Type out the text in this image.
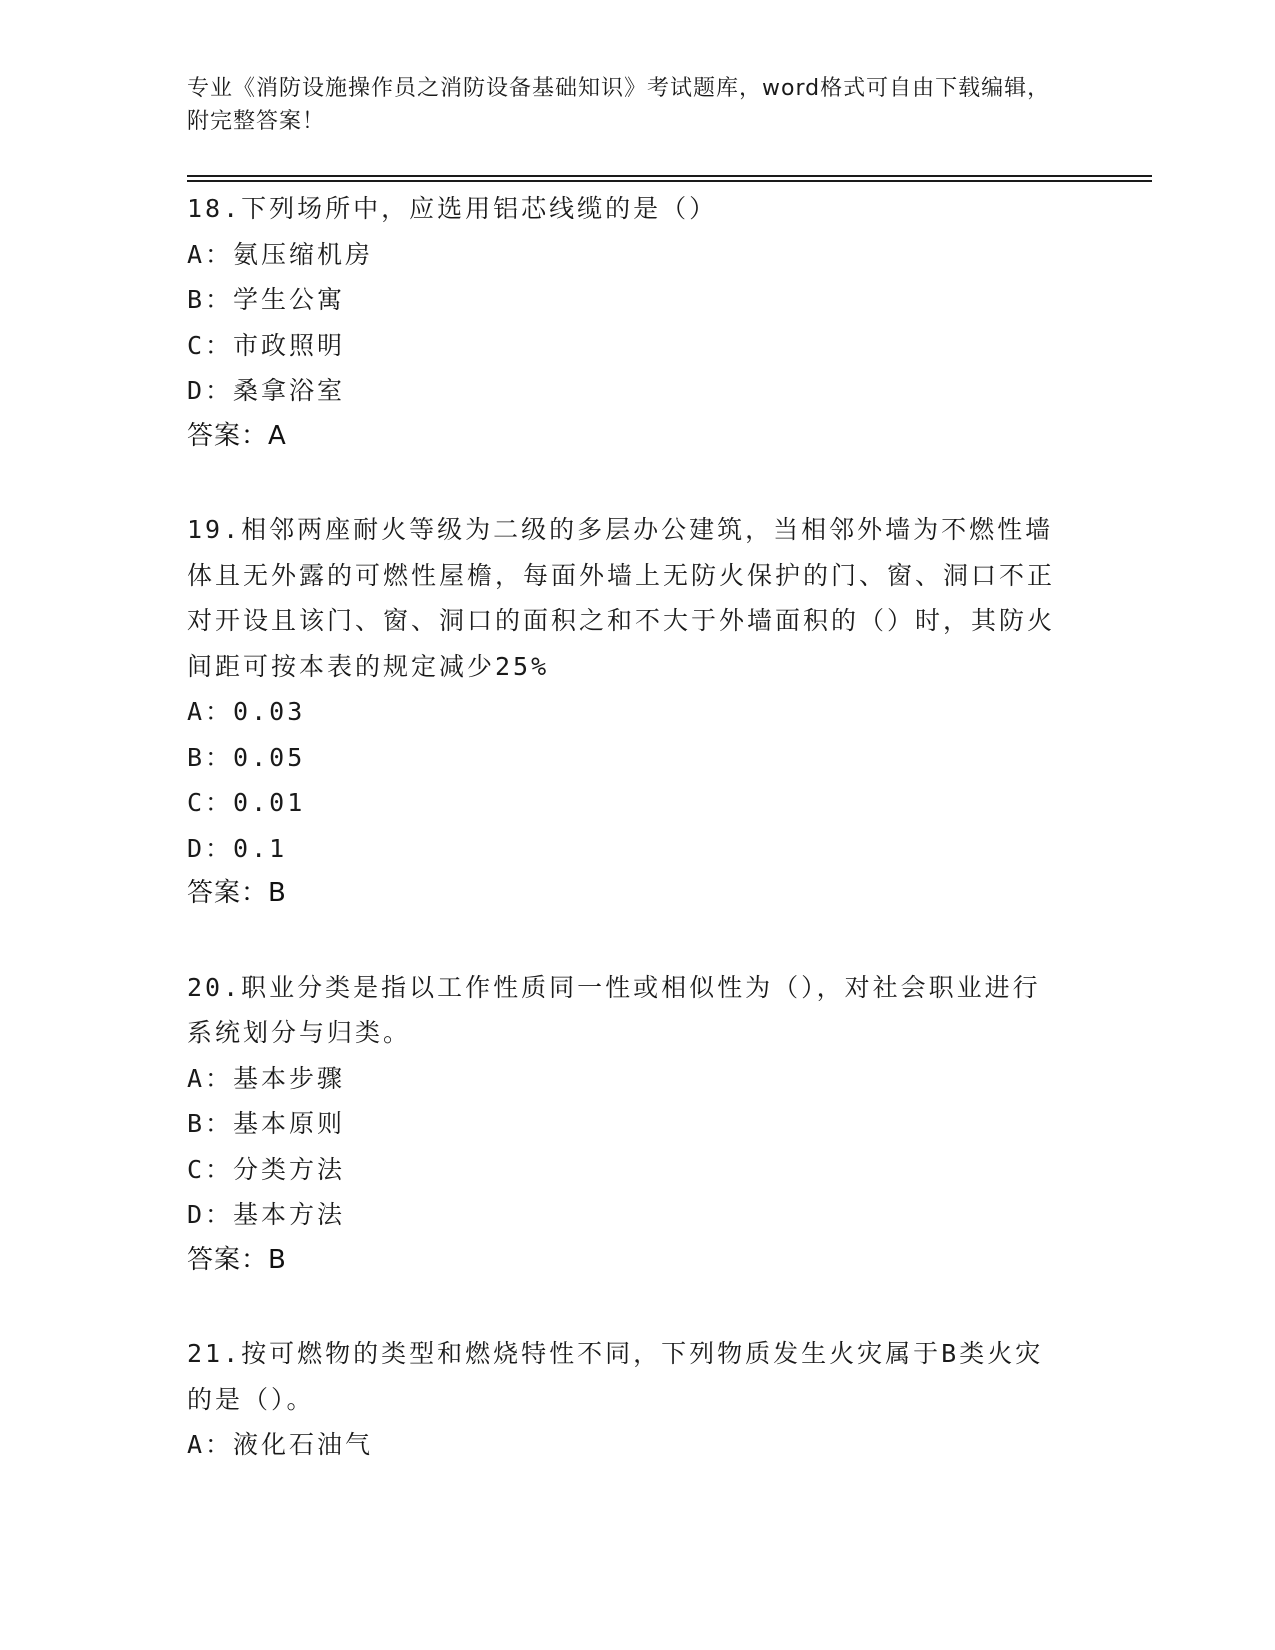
专业《消防设施操作员之消防设备基础知识》考试题库，word格式可自由下载编辑，附完整答案！
18.下列场所中，应选用铝芯线缆的是（）
A：氨压缩机房
B：学生公寓
C：市政照明
D：桑拿浴室
答案：A
19.相邻两座耐火等级为二级的多层办公建筑，当相邻外墙为不燃性墙体且无外露的可燃性屋檐，每面外墙上无防火保护的门、窗、洞口不正对开设且该门、窗、洞口的面积之和不大于外墙面积的（）时，其防火间距可按本表的规定减少25%
A：0.03
B：0.05
C：0.01
D：0.1
答案：B
20.职业分类是指以工作性质同一性或相似性为（），对社会职业进行系统划分与归类。
A：基本步骤
B：基本原则
C：分类方法
D：基本方法
答案：B
21.按可燃物的类型和燃烧特性不同，下列物质发生火灾属于B类火灾的是（）。
A：液化石油气
